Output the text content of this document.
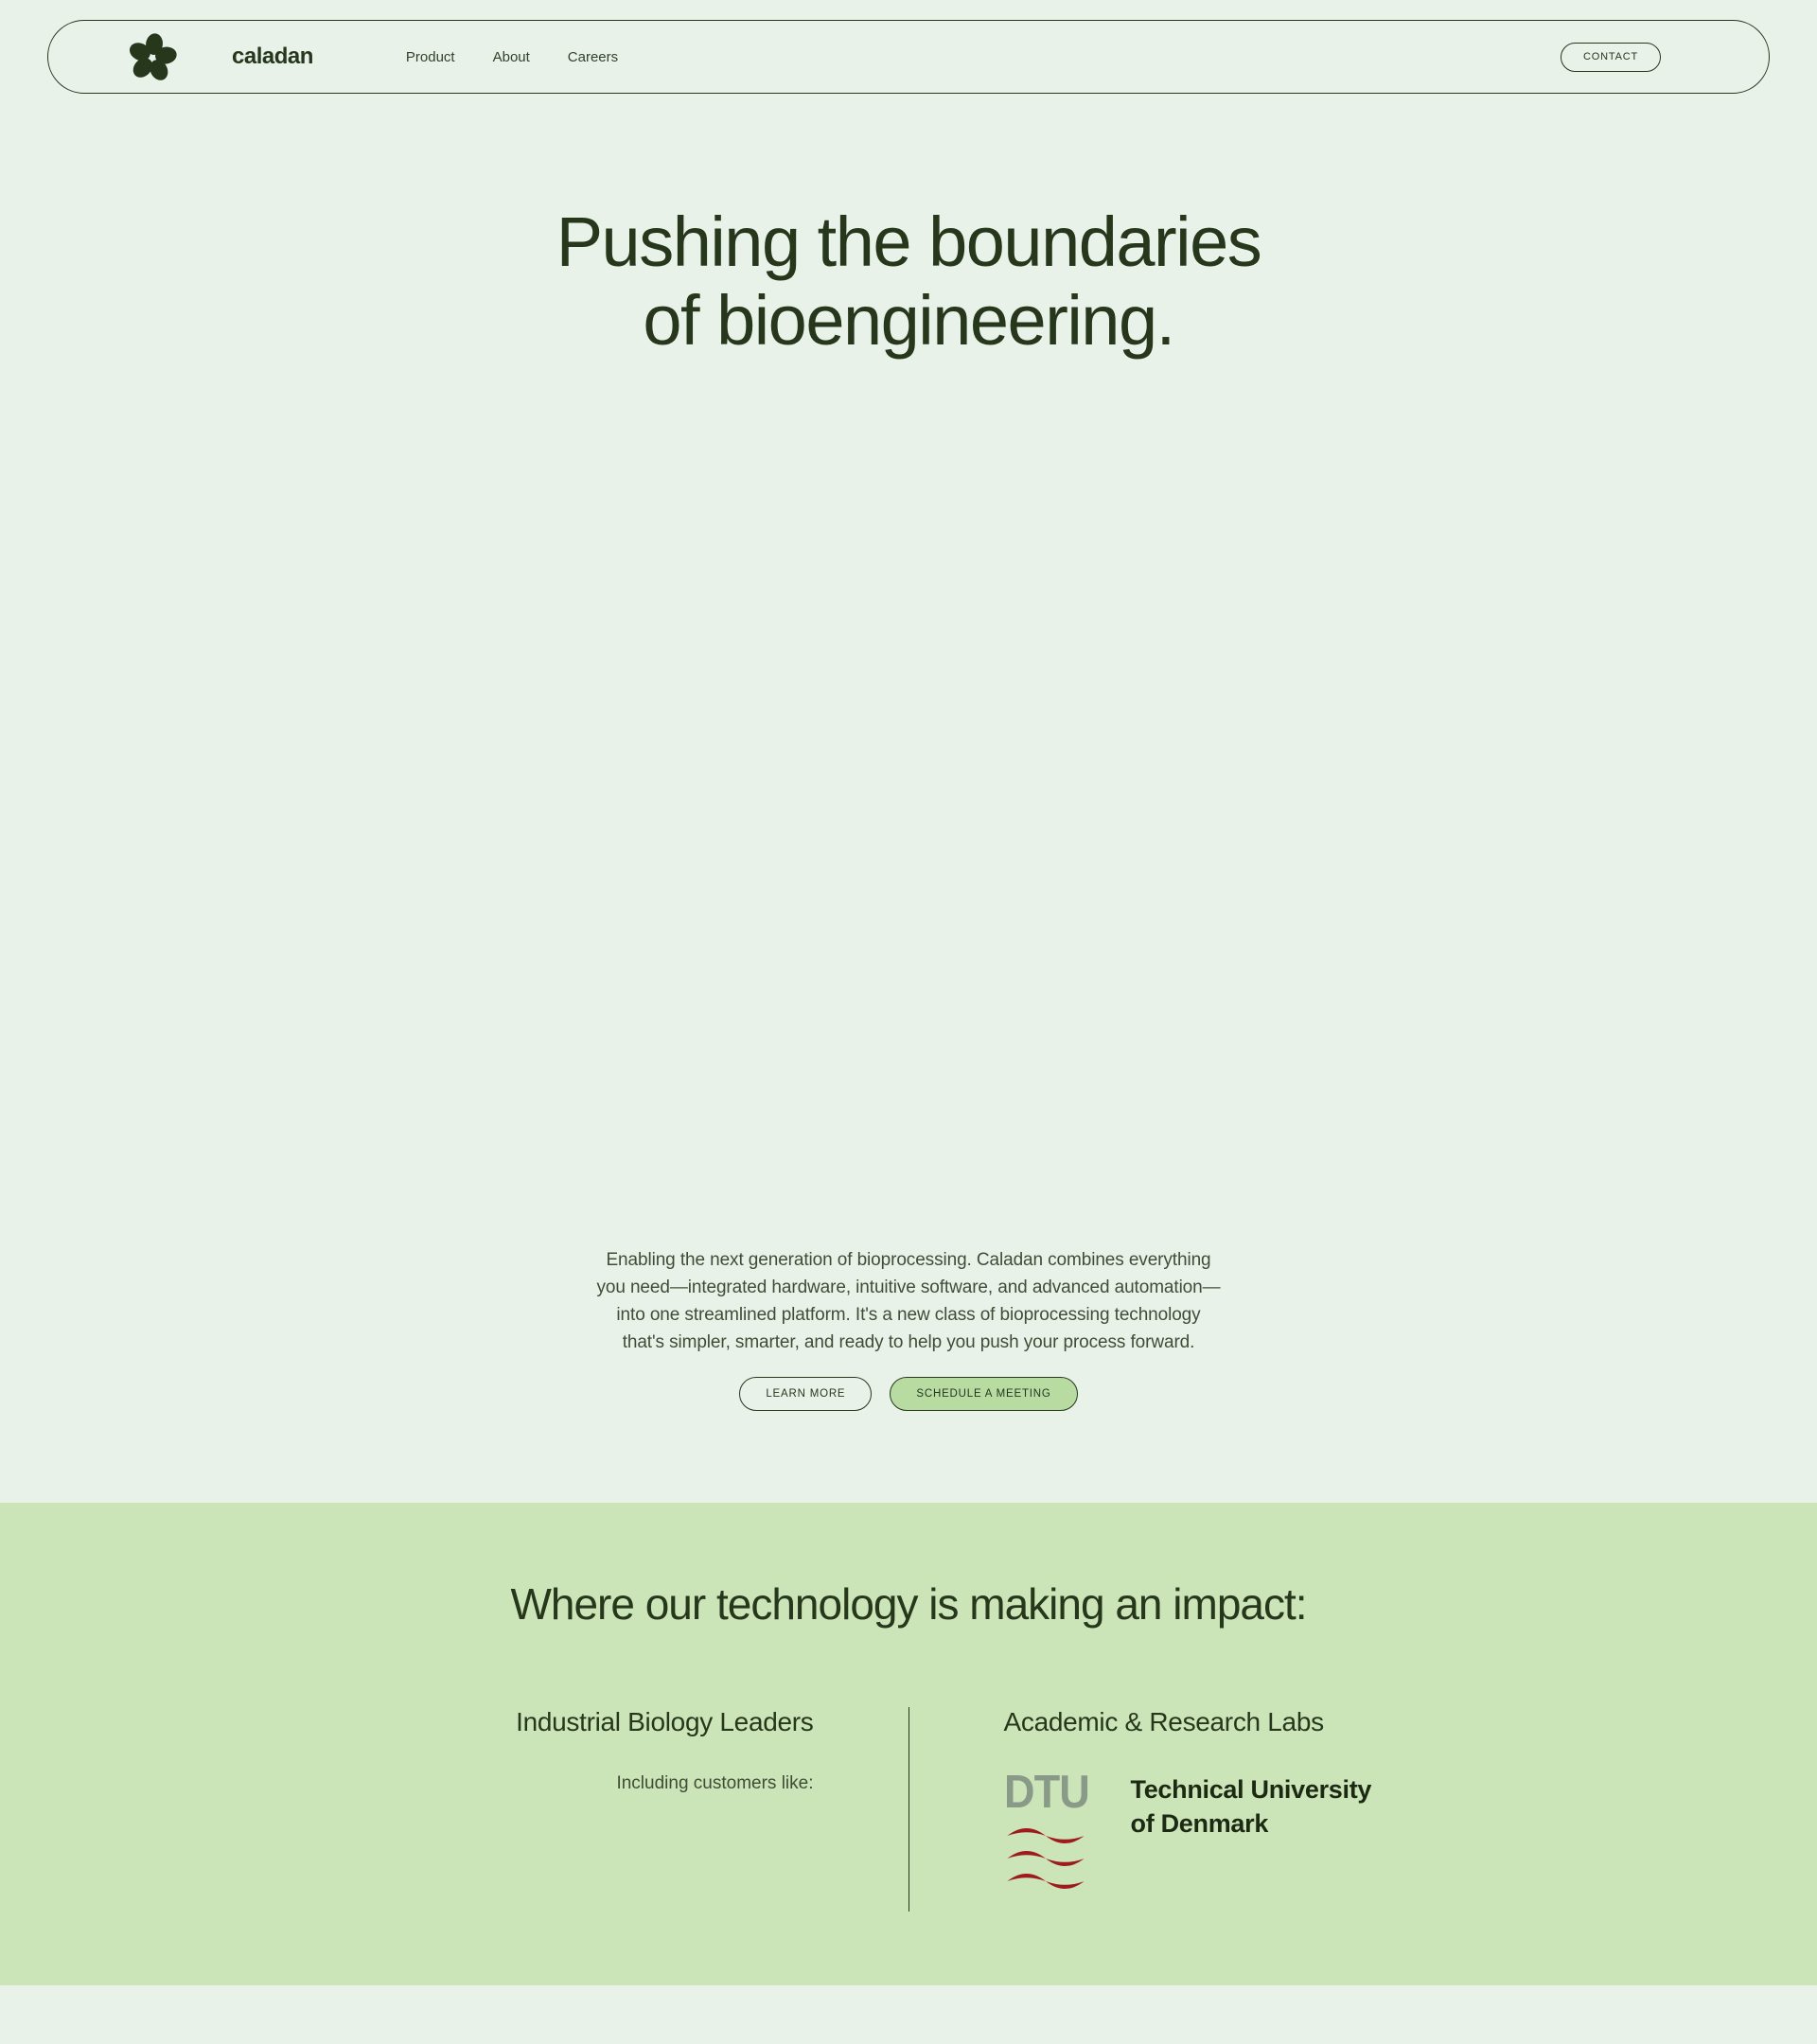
caladan	Product	About	Careers	CONTACT
Pushing the boundaries
of bioengineering.
Enabling the next generation of bioprocessing. Caladan combines everything
you need—integrated hardware, intuitive software, and advanced automation—
into one streamlined platform. It's a new class of bioprocessing technology
that's simpler, smarter, and ready to help you push your process forward.
LEARN MORE	SCHEDULE A MEETING
Where our technology is making an impact:
Industrial Biology Leaders
Including customers like:
Academic & Research Labs
DTU Technical University
of Denmark
